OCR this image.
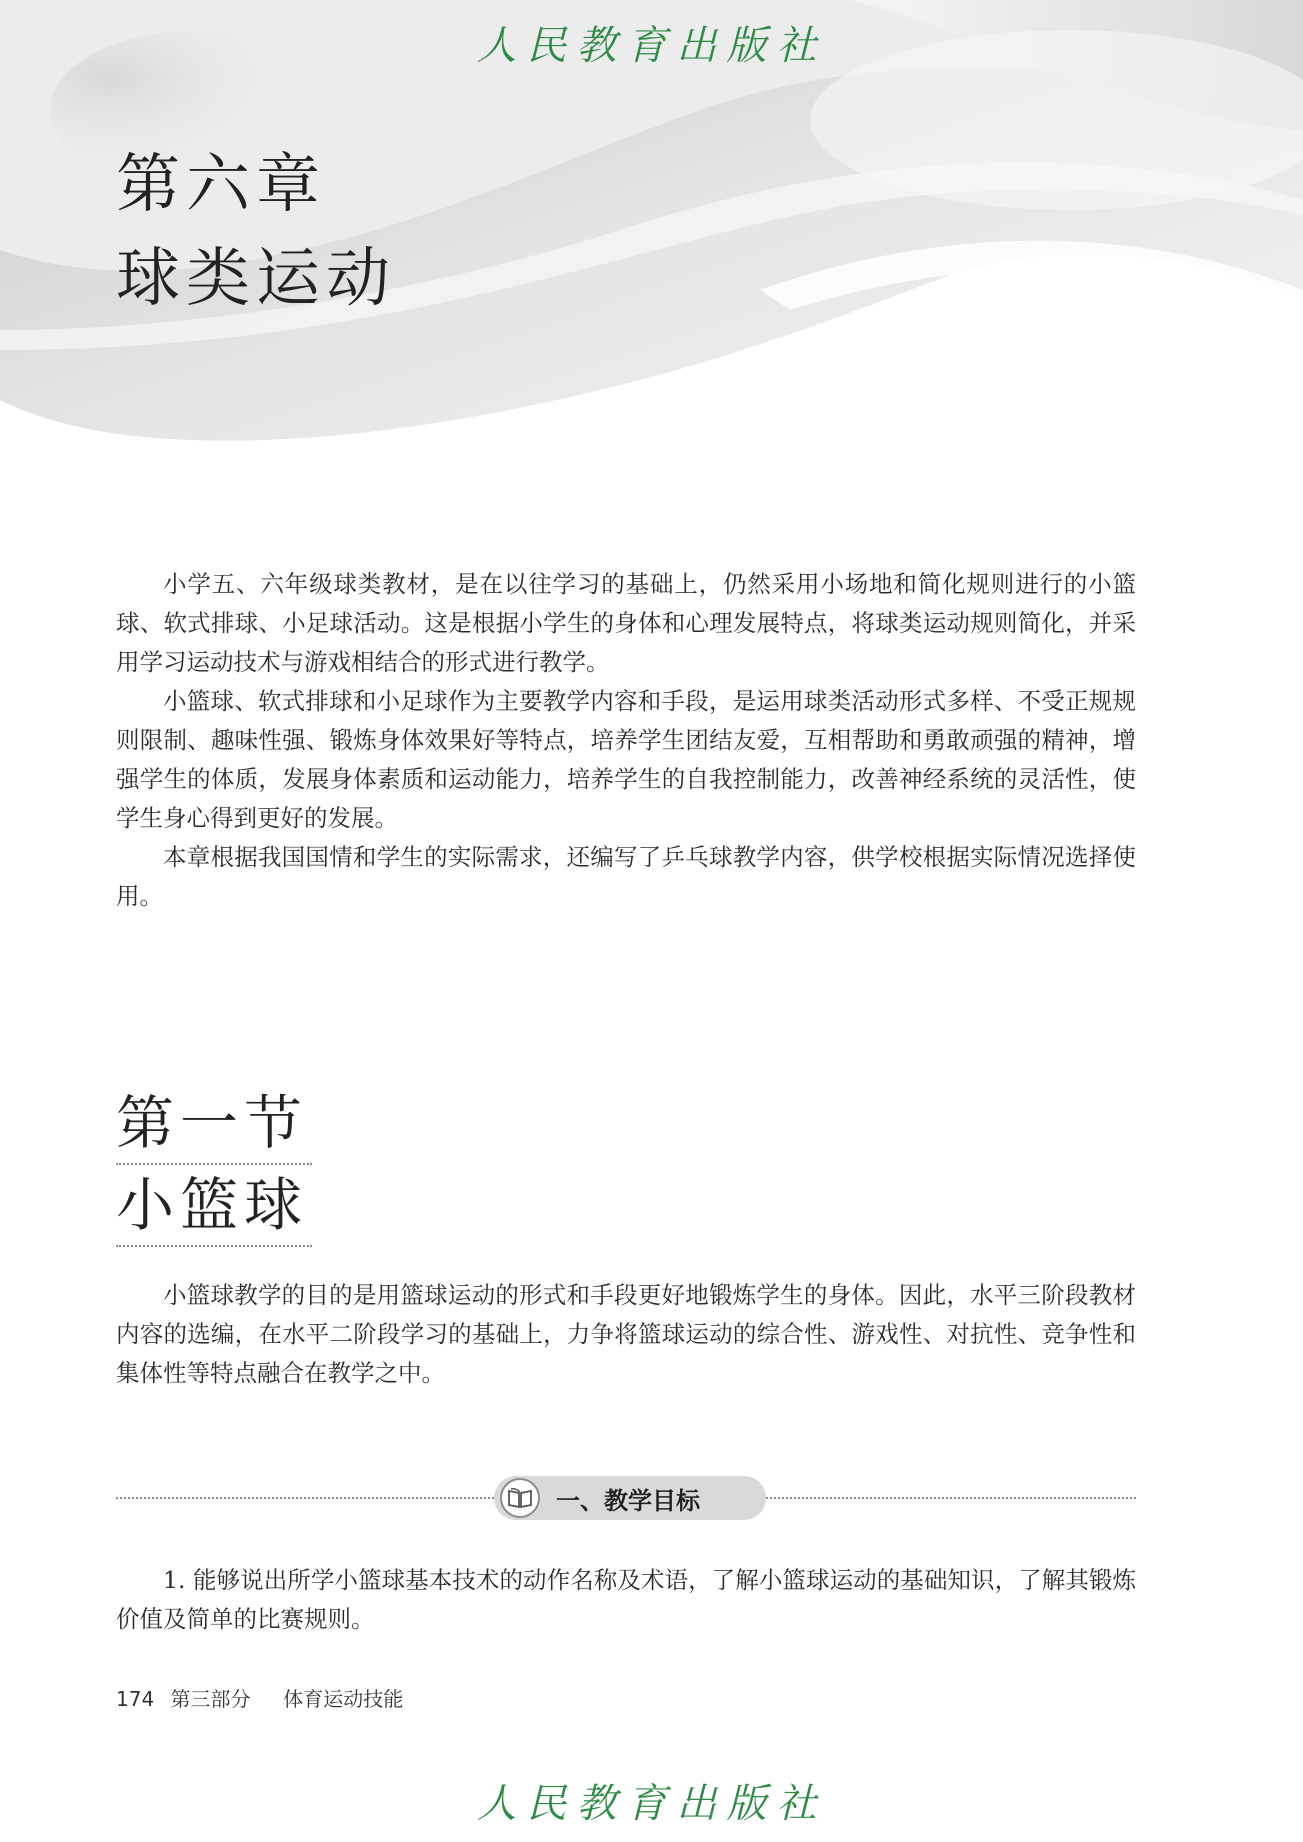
人民教育出版社
第六章
球类运动

小学五、六年级球类教材，是在以往学习的基础上，仍然采用小场地和简化规则进行的小篮球、软式排球、小足球活动。这是根据小学生的身体和心理发展特点，将球类运动规则简化，并采用学习运动技术与游戏相结合的形式进行教学。

小篮球、软式排球和小足球作为主要教学内容和手段，是运用球类活动形式多样、不受正规规则限制、趣味性强、锻炼身体效果好等特点，培养学生团结友爱，互相帮助和勇敢顽强的精神，增强学生的体质，发展身体素质和运动能力，培养学生的自我控制能力，改善神经系统的灵活性，使学生身心得到更好的发展。

本章根据我国国情和学生的实际需求，还编写了乒乓球教学内容，供学校根据实际情况选择使用。

第一节
小篮球

小篮球教学的目的是用篮球运动的形式和手段更好地锻炼学生的身体。因此，水平三阶段教材内容的选编，在水平二阶段学习的基础上，力争将篮球运动的综合性、游戏性、对抗性、竞争性和集体性等特点融合在教学之中。

一、教学目标

1. 能够说出所学小篮球基本技术的动作名称及术语，了解小篮球运动的基础知识，了解其锻炼价值及简单的比赛规则。

174 第三部分 体育运动技能
人民教育出版社
